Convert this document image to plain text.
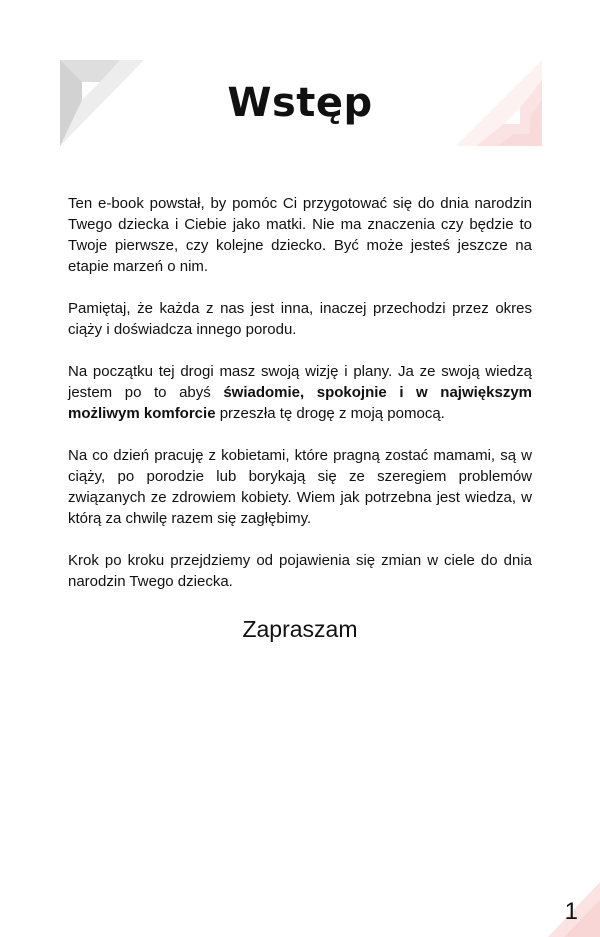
Wstęp

Ten e-book powstał, by pomóc Ci przygotować się do dnia narodzin Twego dziecka i Ciebie jako matki. Nie ma znaczenia czy będzie to Twoje pierwsze, czy kolejne dziecko. Być może jesteś jeszcze na etapie marzeń o nim.

Pamiętaj, że każda z nas jest inna, inaczej przechodzi przez okres ciąży i doświadcza innego porodu.

Na początku tej drogi masz swoją wizję i plany. Ja ze swoją wiedzą jestem po to abyś świadomie, spokojnie i w największym możliwym komforcie przeszła tę drogę z moją pomocą.

Na co dzień pracuję z kobietami, które pragną zostać mamami, są w ciąży, po porodzie lub borykają się ze szeregiem problemów związanych ze zdrowiem kobiety. Wiem jak potrzebna jest wiedza, w którą za chwilę razem się zagłębimy.

Krok po kroku przejdziemy od pojawienia się zmian w ciele do dnia narodzin Twego dziecka.

Zapraszam

1
